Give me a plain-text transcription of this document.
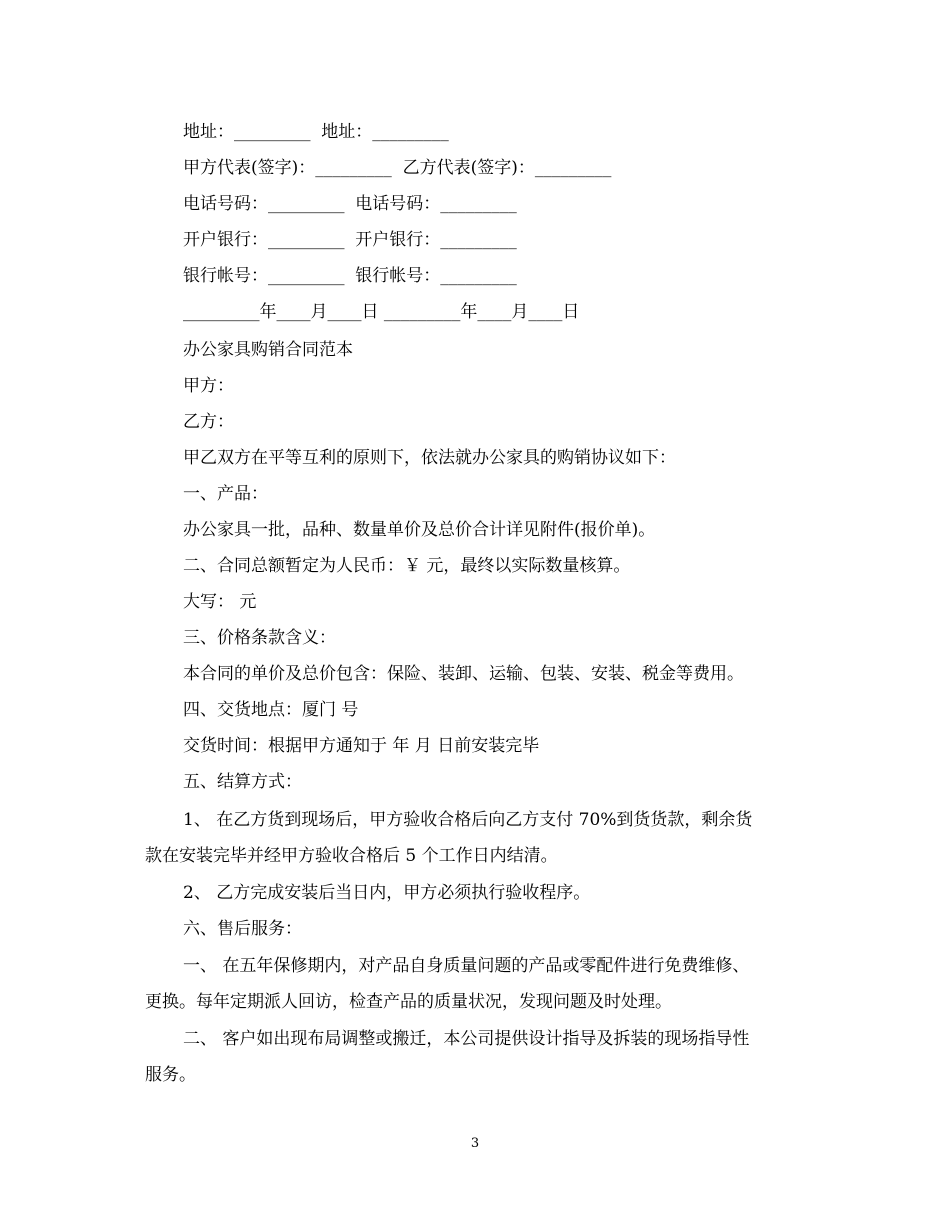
地址：_________  地址：_________
甲方代表(签字)：_________  乙方代表(签字)：_________
电话号码：_________  电话号码：_________
开户银行：_________  开户银行：_________
银行帐号：_________  银行帐号：_________
_________年____月____日 _________年____月____日
办公家具购销合同范本
甲方：
乙方：
甲乙双方在平等互利的原则下，依法就办公家具的购销协议如下：
一、产品：
办公家具一批，品种、数量单价及总价合计详见附件(报价单)。
二、合同总额暂定为人民币：￥ 元，最终以实际数量核算。
大写： 元
三、价格条款含义：
本合同的单价及总价包含：保险、装卸、运输、包装、安装、税金等费用。
四、交货地点：厦门 号
交货时间：根据甲方通知于 年 月 日前安装完毕
五、结算方式：
1、 在乙方货到现场后，甲方验收合格后向乙方支付 70%到货货款，剩余货
款在安装完毕并经甲方验收合格后 5 个工作日内结清。
2、 乙方完成安装后当日内，甲方必须执行验收程序。
六、售后服务：
一、 在五年保修期内，对产品自身质量问题的产品或零配件进行免费维修、
更换。每年定期派人回访，检查产品的质量状况，发现问题及时处理。
二、 客户如出现布局调整或搬迁，本公司提供设计指导及拆装的现场指导性
服务。
3
